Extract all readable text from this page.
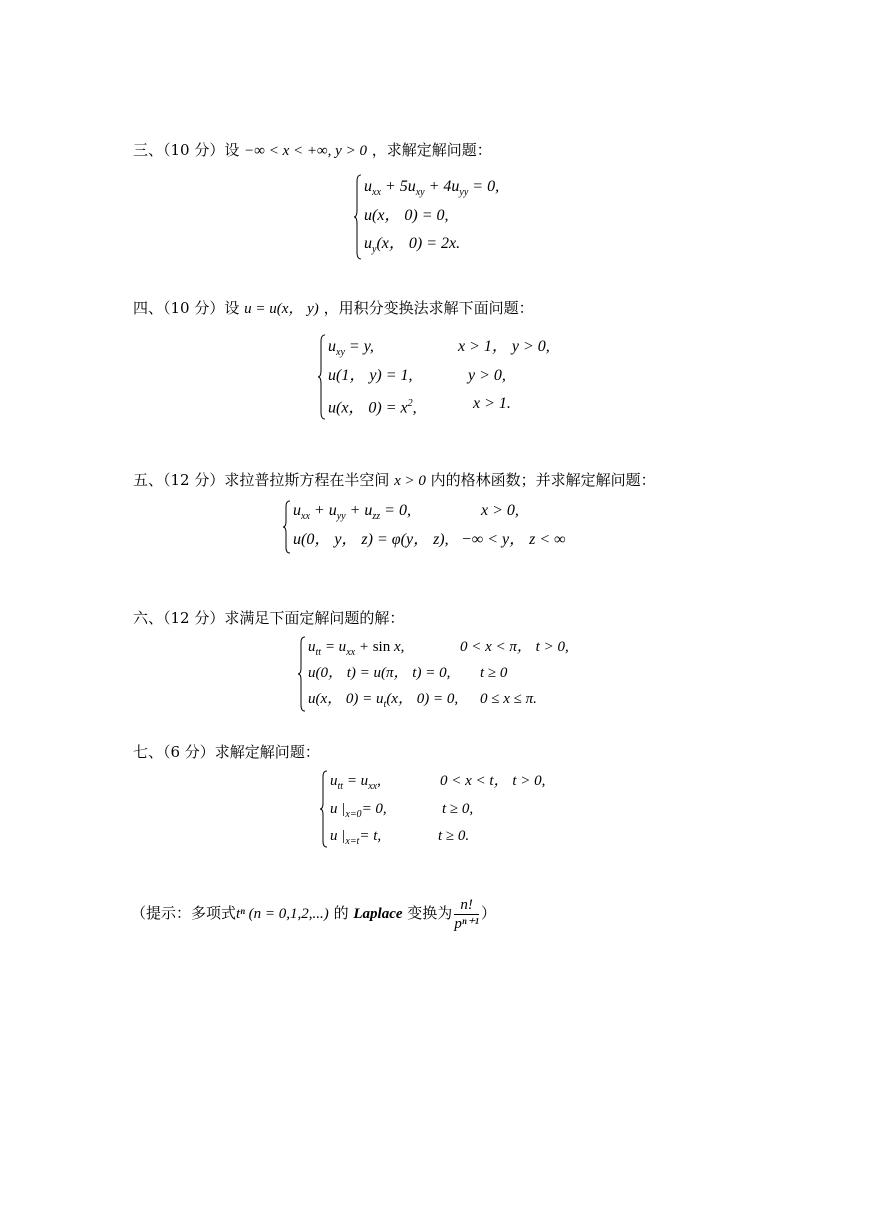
三、（10 分）设 −∞ < x < +∞, y > 0 ，求解定解问题：
$u_{xx} + 5u_{xy} + 4u_{yy} = 0$,
u(x， 0) = 0,
$u_y(x$， 0) = 2x.
四、（10 分）设 u = u(x， y) ，用积分变换法求解下面问题：
$u_{xy} = y$,	x > 1， y > 0,
u(1， y) = 1,	y > 0,
u(x， $0) = x^2$,	x > 1.
五、（12 分）求拉普拉斯方程在半空间 x > 0 内的格林函数；并求解定解问题：
$u_{xx} + u_{yy} + u_{zz} = 0$,	x > 0,
u(0， y， z) = φ(y， z), −∞ < y， z < ∞
六、（12 分）求满足下面定解问题的解：
$u_{tt} = u_{xx} + \sin x$,	0 < x < π， t > 0,
u(0， t) = u(π， t) = 0, t ≥ 0
u(x， $0) = u_t(x$， 0) = 0, 0 ≤ x ≤ π.
七、（6 分）求解定解问题：
$u_{tt} = u_{xx}$,	0 < x < t， t > 0,
u $|_{x=0}= 0$,	t ≥ 0,
u $|_{x=t}= t$,	t ≥ 0.
（提示：多项式tⁿ (n = 0,1,2,...) 的 Laplace 变换为 $\frac{n!}{\text{pⁿ⁺¹}}$ ）
